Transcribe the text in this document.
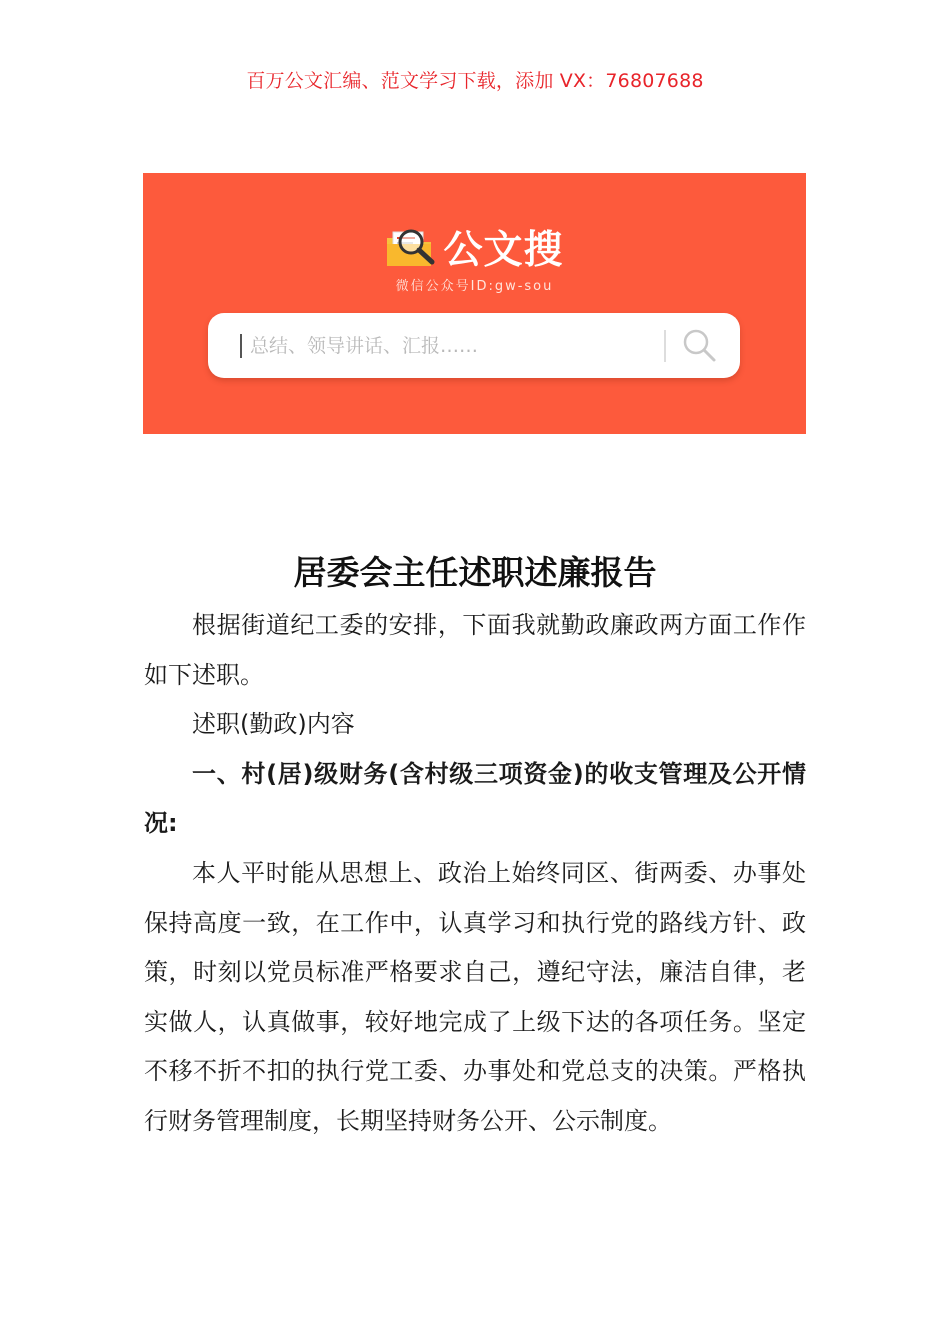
百万公文汇编、范文学习下载，添加 VX：76807688
公文搜
微信公众号ID:gw-sou
总结、领导讲话、汇报……
居委会主任述职述廉报告

根据街道纪工委的安排，下面我就勤政廉政两方面工作作如下述职。

述职(勤政)内容

一、村(居)级财务(含村级三项资金)的收支管理及公开情况:

本人平时能从思想上、政治上始终同区、街两委、办事处保持高度一致，在工作中，认真学习和执行党的路线方针、政策，时刻以党员标准严格要求自己，遵纪守法，廉洁自律，老实做人，认真做事，较好地完成了上级下达的各项任务。坚定不移不折不扣的执行党工委、办事处和党总支的决策。严格执行财务管理制度，长期坚持财务公开、公示制度。
